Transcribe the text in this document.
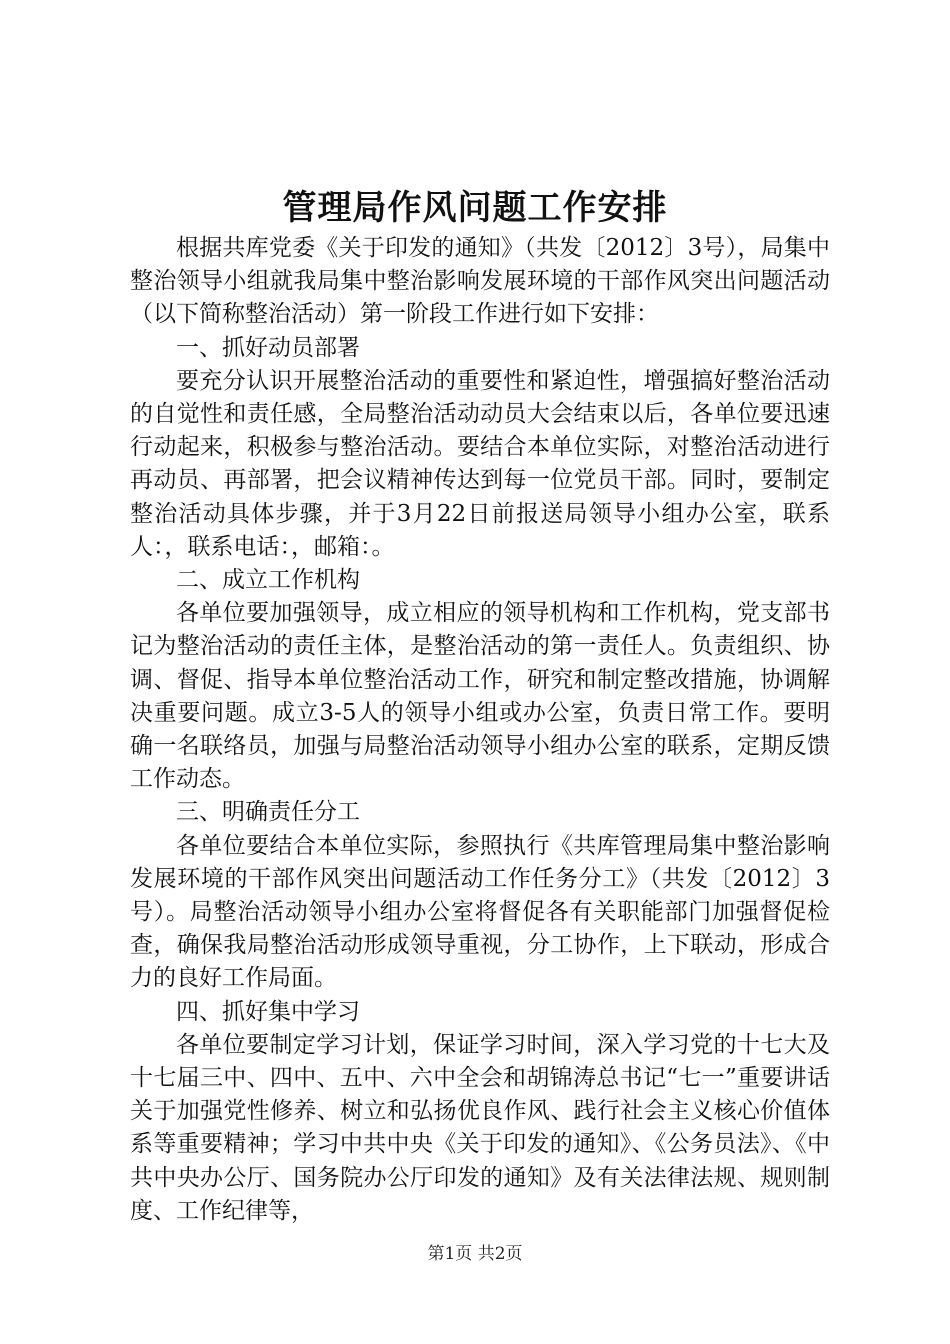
管理局作风问题工作安排

根据共库党委《关于印发的通知》（共发〔2012〕3号），局集中整治领导小组就我局集中整治影响发展环境的干部作风突出问题活动（以下简称整治活动）第一阶段工作进行如下安排：

一、抓好动员部署

要充分认识开展整治活动的重要性和紧迫性，增强搞好整治活动的自觉性和责任感，全局整治活动动员大会结束以后，各单位要迅速行动起来，积极参与整治活动。要结合本单位实际，对整治活动进行再动员、再部署，把会议精神传达到每一位党员干部。同时，要制定整治活动具体步骤，并于3月22日前报送局领导小组办公室，联系人：，联系电话：，邮箱：。

二、成立工作机构

各单位要加强领导，成立相应的领导机构和工作机构，党支部书记为整治活动的责任主体，是整治活动的第一责任人。负责组织、协调、督促、指导本单位整治活动工作，研究和制定整改措施，协调解决重要问题。成立3-5人的领导小组或办公室，负责日常工作。要明确一名联络员，加强与局整治活动领导小组办公室的联系，定期反馈工作动态。

三、明确责任分工

各单位要结合本单位实际，参照执行《共库管理局集中整治影响发展环境的干部作风突出问题活动工作任务分工》（共发〔2012〕3号）。局整治活动领导小组办公室将督促各有关职能部门加强督促检查，确保我局整治活动形成领导重视，分工协作，上下联动，形成合力的良好工作局面。

四、抓好集中学习

各单位要制定学习计划，保证学习时间，深入学习党的十七大及十七届三中、四中、五中、六中全会和胡锦涛总书记“七一”重要讲话关于加强党性修养、树立和弘扬优良作风、践行社会主义核心价值体系等重要精神；学习中共中央《关于印发的通知》、《公务员法》、《中共中央办公厅、国务院办公厅印发的通知》及有关法律法规、规则制度、工作纪律等，

第1页 共2页
